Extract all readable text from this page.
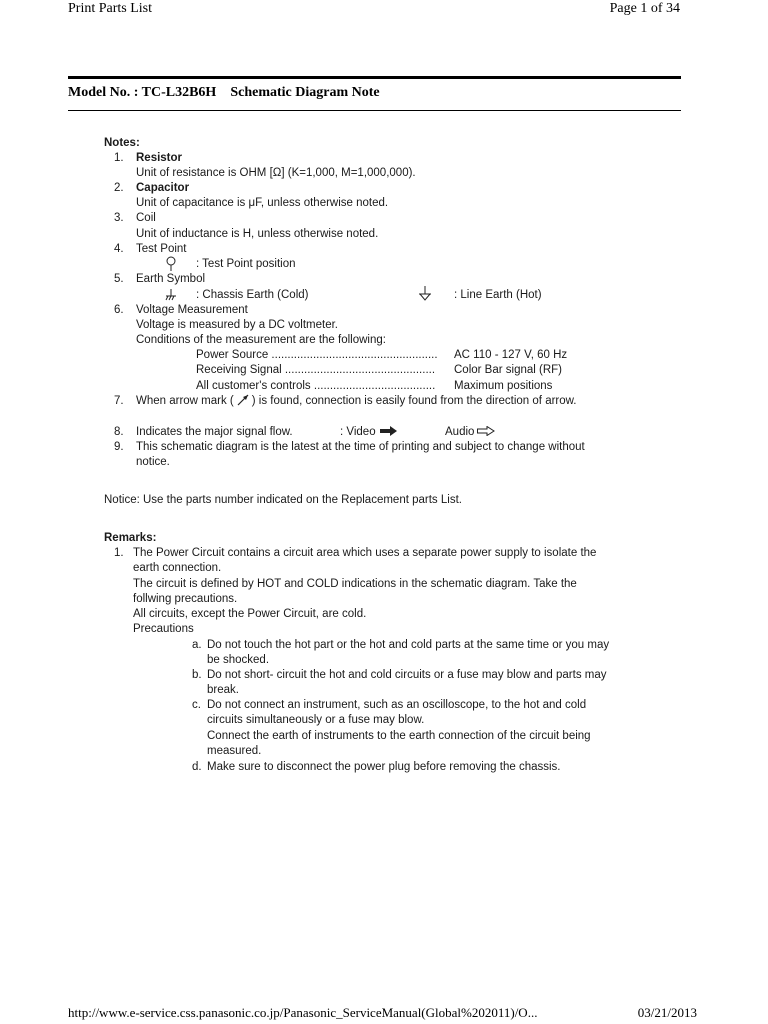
Print Parts List	Page 1 of 34
Model No. : TC-L32B6H Schematic Diagram Note
Notes:
1. Resistor
Unit of resistance is OHM [Ω] (K=1,000, M=1,000,000).
2. Capacitor
Unit of capacitance is μF, unless otherwise noted.
3. Coil
Unit of inductance is H, unless otherwise noted.
4. Test Point
: Test Point position
5. Earth Symbol
: Chassis Earth (Cold)	: Line Earth (Hot)
6. Voltage Measurement
Voltage is measured by a DC voltmeter.
Conditions of the measurement are the following:
Power Source .................................................... AC 110 - 127 V, 60 Hz
Receiving Signal ............................................... Color Bar signal (RF)
All customer's controls ...................................... Maximum positions
7. When arrow mark ( ) is found, connection is easily found from the direction of arrow.
8. Indicates the major signal flow.	: Video	Audio
9. This schematic diagram is the latest at the time of printing and subject to change without
notice.
Notice: Use the parts number indicated on the Replacement parts List.
Remarks:
1. The Power Circuit contains a circuit area which uses a separate power supply to isolate the
earth connection.
The circuit is defined by HOT and COLD indications in the schematic diagram. Take the
follwing precautions.
All circuits, except the Power Circuit, are cold.
Precautions
a. Do not touch the hot part or the hot and cold parts at the same time or you may
be shocked.
b. Do not short- circuit the hot and cold circuits or a fuse may blow and parts may
break.
c. Do not connect an instrument, such as an oscilloscope, to the hot and cold
circuits simultaneously or a fuse may blow.
Connect the earth of instruments to the earth connection of the circuit being
measured.
d. Make sure to disconnect the power plug before removing the chassis.
http://www.e-service.css.panasonic.co.jp/Panasonic_ServiceManual(Global%202011)/O...	03/21/2013
